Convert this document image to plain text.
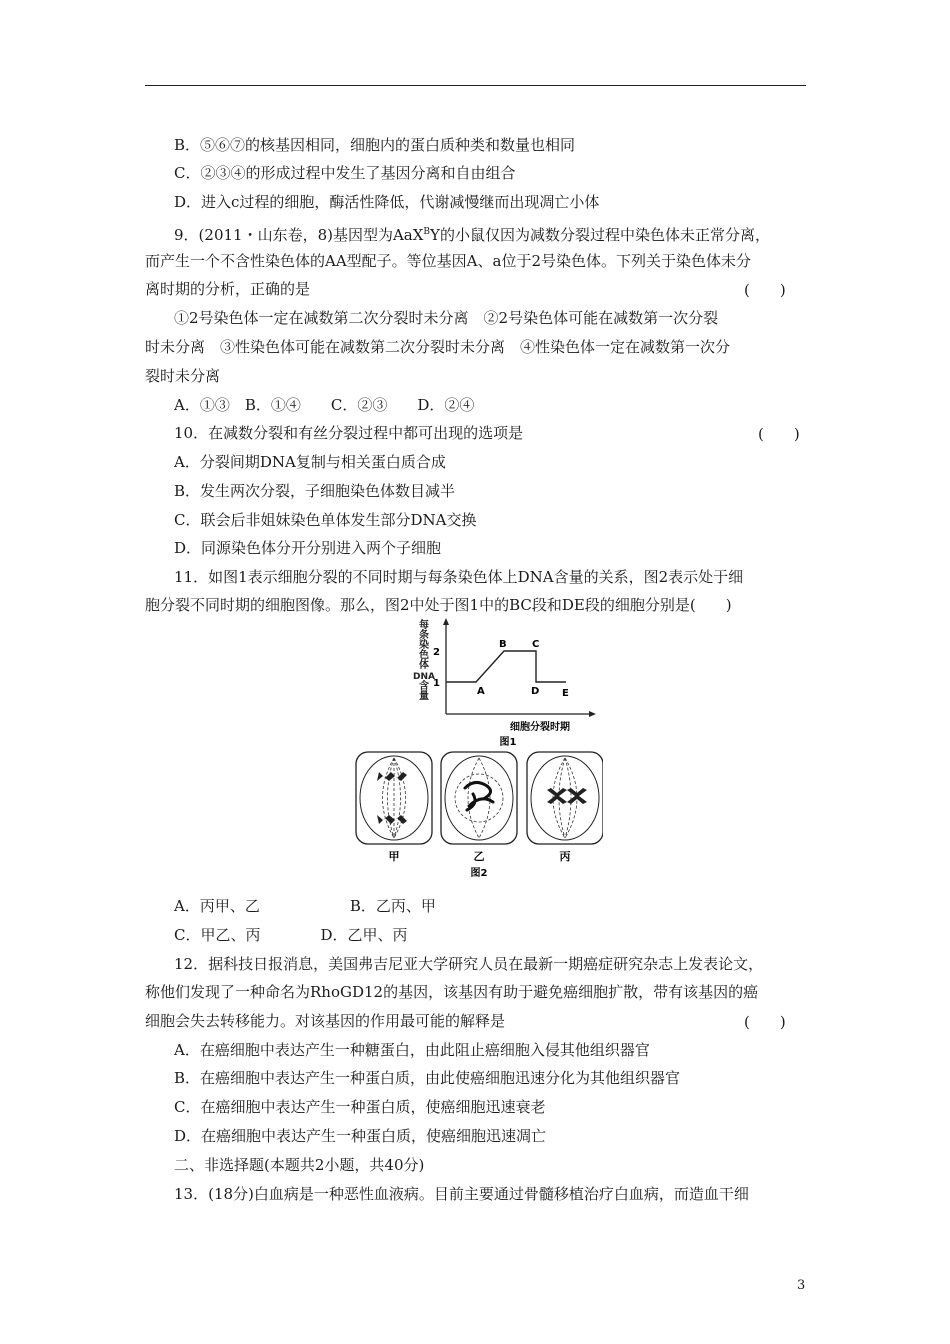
B．⑤⑥⑦的核基因相同，细胞内的蛋白质种类和数量也相同
C．②③④的形成过程中发生了基因分离和自由组合
D．进入c过程的细胞，酶活性降低，代谢减慢继而出现凋亡小体
9．(2011・山东卷，8)基因型为AaX$^B$Y的小鼠仅因为减数分裂过程中染色体未正常分离，
而产生一个不含性染色体的AA型配子。等位基因A、a位于2号染色体。下列关于染色体未分
离时期的分析，正确的是	(　　)
①2号染色体一定在减数第二次分裂时未分离　②2号染色体可能在减数第一次分裂
时未分离　③性染色体可能在减数第二次分裂时未分离　④性染色体一定在减数第一次分
裂时未分离
A．①③　B．①④　　C．②③　　D．②④
10．在减数分裂和有丝分裂过程中都可出现的选项是	(　　)
A．分裂间期DNA复制与相关蛋白质合成
B．发生两次分裂，子细胞染色体数目减半
C．联会后非姐妹染色单体发生部分DNA交换
D．同源染色体分开分别进入两个子细胞
11．如图1表示细胞分裂的不同时期与每条染色体上DNA含量的关系，图2表示处于细
胞分裂不同时期的细胞图像。那么，图2中处于图1中的BC段和DE段的细胞分别是(　　)
每
条
染
色
体
DNA
含
量
2
1
A
B	C
D E
细胞分裂时期
图1
甲	乙	丙
图2
A．丙甲、乙　　　　　　B．乙丙、甲
C．甲乙、丙　　　　D．乙甲、丙
12．据科技日报消息，美国弗吉尼亚大学研究人员在最新一期癌症研究杂志上发表论文，
称他们发现了一种命名为RhoGD12的基因，该基因有助于避免癌细胞扩散，带有该基因的癌
细胞会失去转移能力。对该基因的作用最可能的解释是	(　　)
A．在癌细胞中表达产生一种糖蛋白，由此阻止癌细胞入侵其他组织器官
B．在癌细胞中表达产生一种蛋白质，由此使癌细胞迅速分化为其他组织器官
C．在癌细胞中表达产生一种蛋白质，使癌细胞迅速衰老
D．在癌细胞中表达产生一种蛋白质，使癌细胞迅速凋亡
二、非选择题(本题共2小题，共40分)
13．(18分)白血病是一种恶性血液病。目前主要通过骨髓移植治疗白血病，而造血干细
3
